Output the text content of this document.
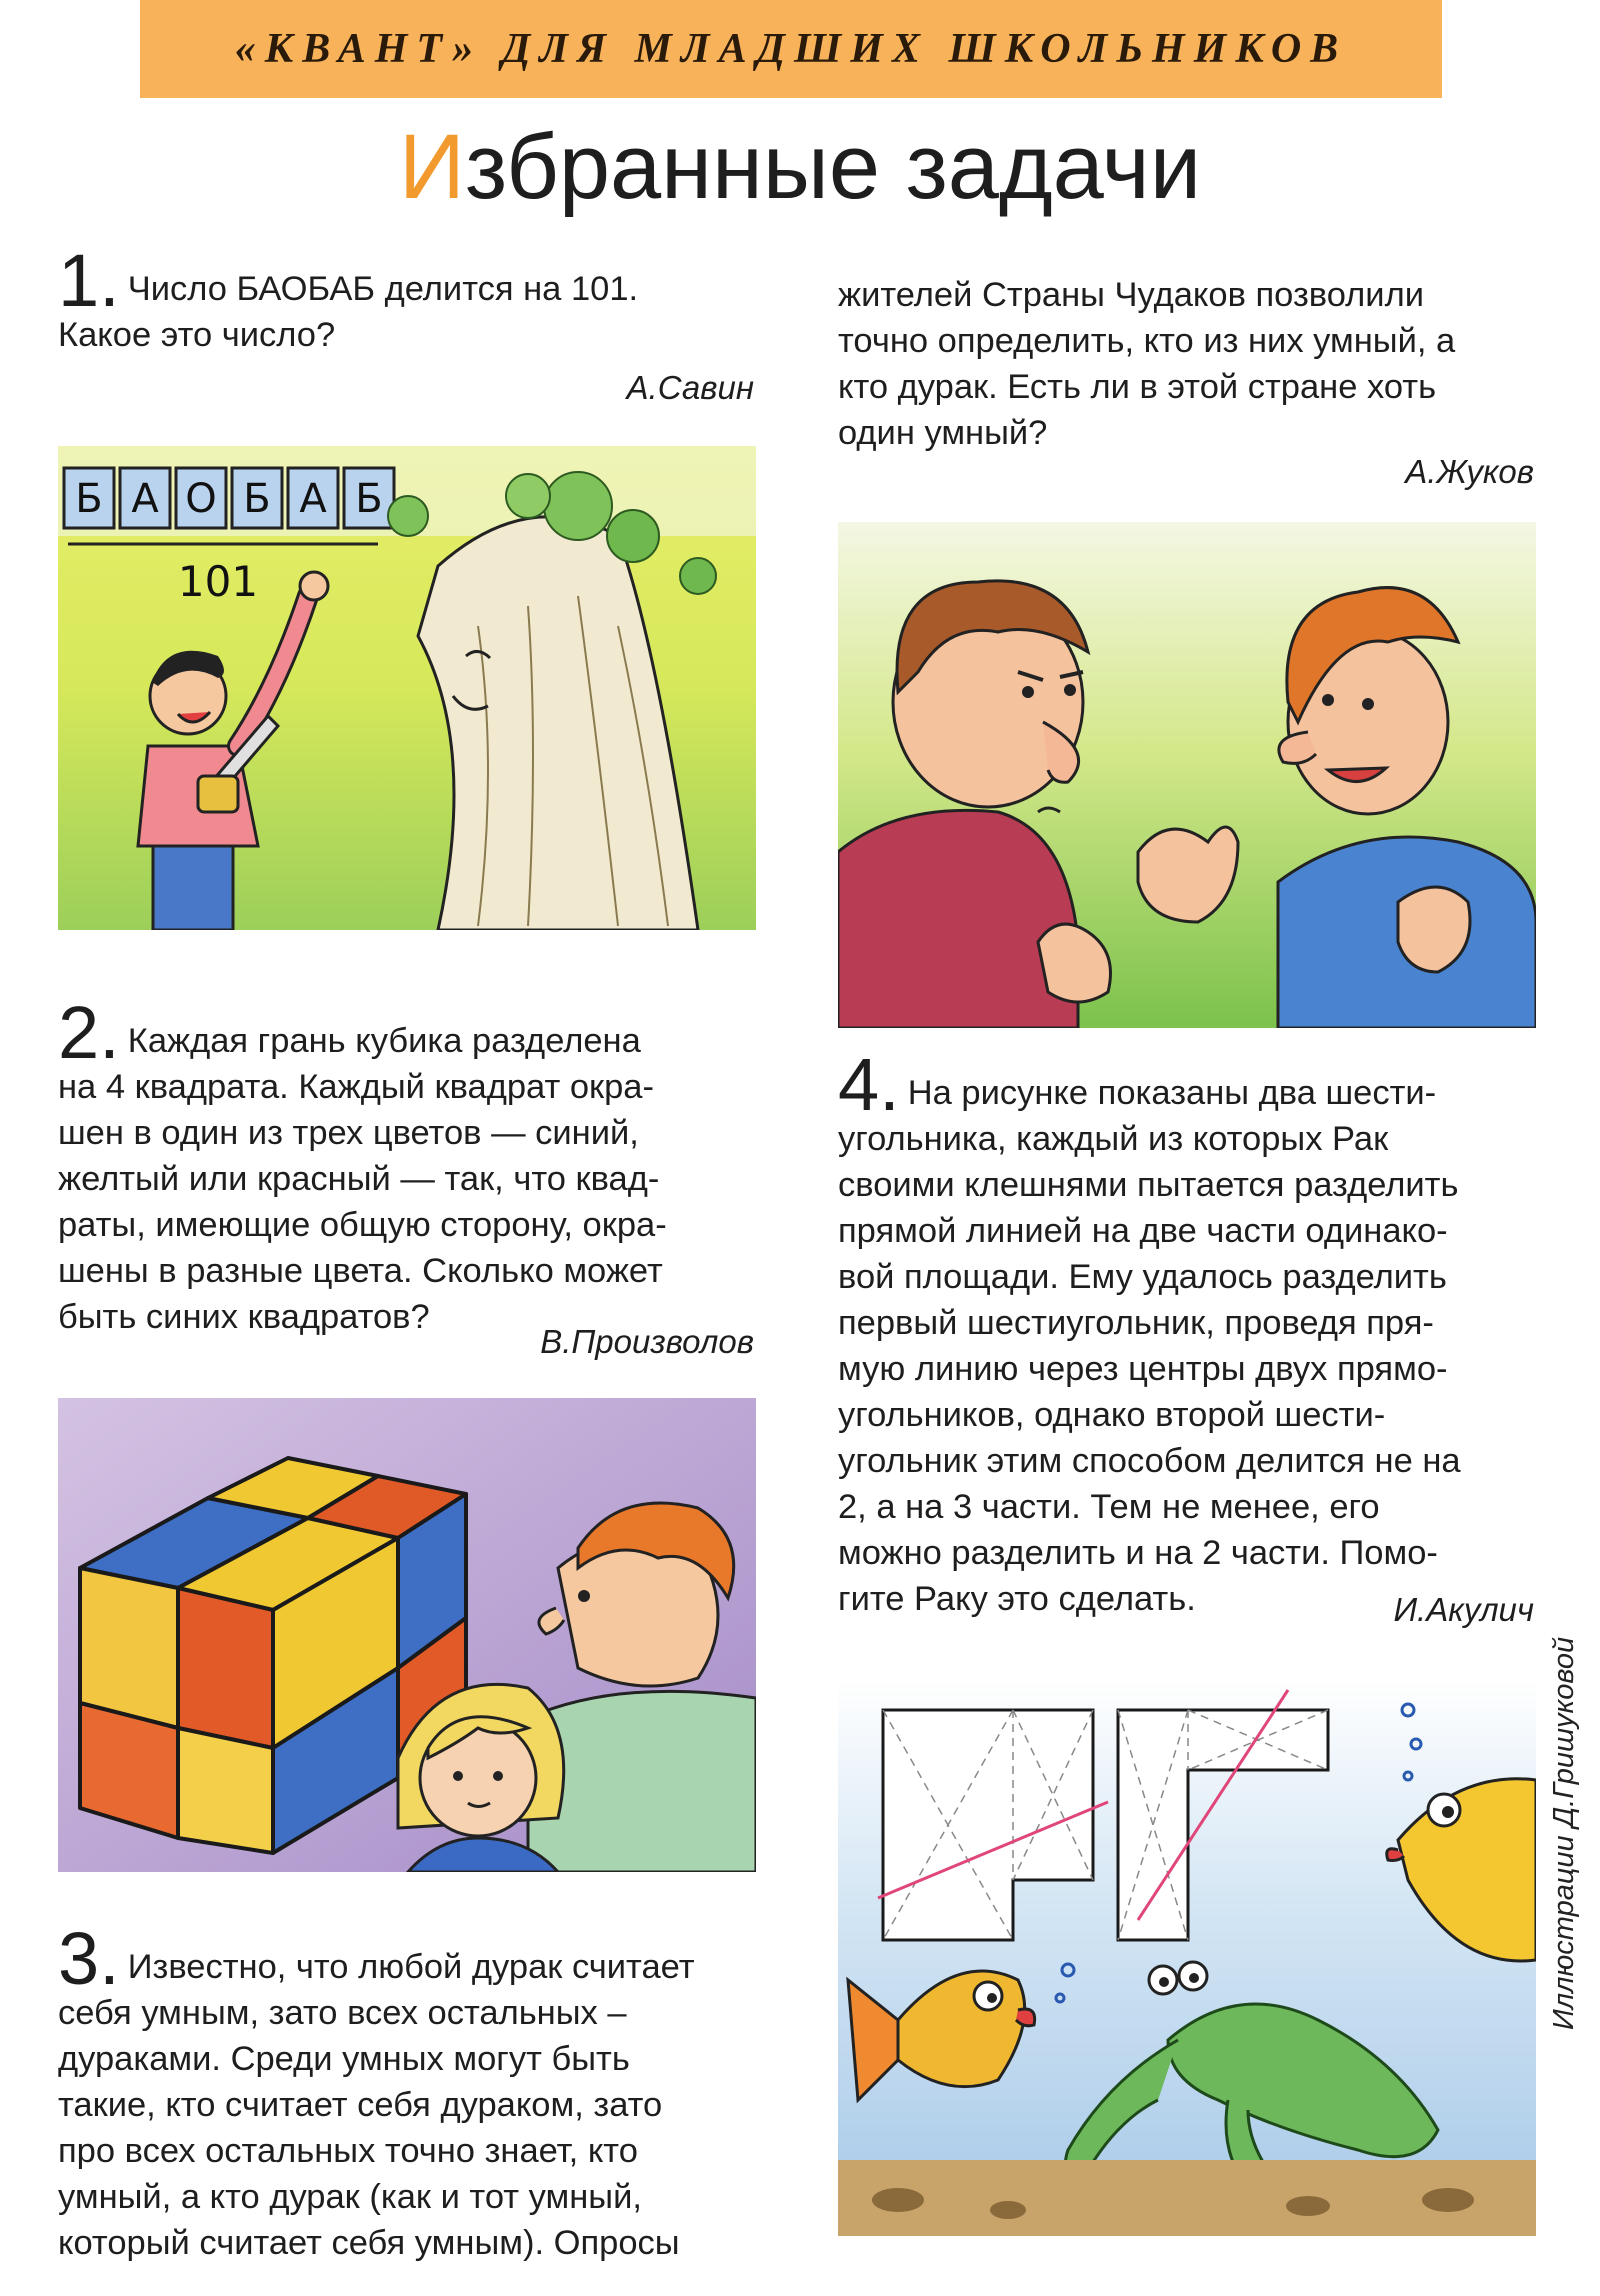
«КВАНТ» ДЛЯ МЛАДШИХ ШКОЛЬНИКОВ
Избранные задачи
1. Число БАОБАБ делится на 101.
Какое это число?
А.Савин
Б А О Б А Б
101
2. Каждая грань кубика разделена
на 4 квадрата. Каждый квадрат окра-
шен в один из трех цветов — синий,
желтый или красный — так, что квад-
раты, имеющие общую сторону, окра-
шены в разные цвета. Сколько может
быть синих квадратов?
В.Произволов
3. Известно, что любой дурак считает
себя умным, зато всех остальных –
дураками. Среди умных могут быть
такие, кто считает себя дураком, зато
про всех остальных точно знает, кто
умный, а кто дурак (как и тот умный,
который считает себя умным). Опросы
жителей Страны Чудаков позволили
точно определить, кто из них умный, а
кто дурак. Есть ли в этой стране хоть
один умный?
А.Жуков
4. На рисунке показаны два шести-
угольника, каждый из которых Рак
своими клешнями пытается разделить
прямой линией на две части одинако-
вой площади. Ему удалось разделить
первый шестиугольник, проведя пря-
мую линию через центры двух прямо-
угольников, однако второй шести-
угольник этим способом делится не на
2, а на 3 части. Тем не менее, его
можно разделить и на 2 части. Помо-
гите Раку это сделать.	И.Акулич
Иллюстрации Д.Гришуковой
